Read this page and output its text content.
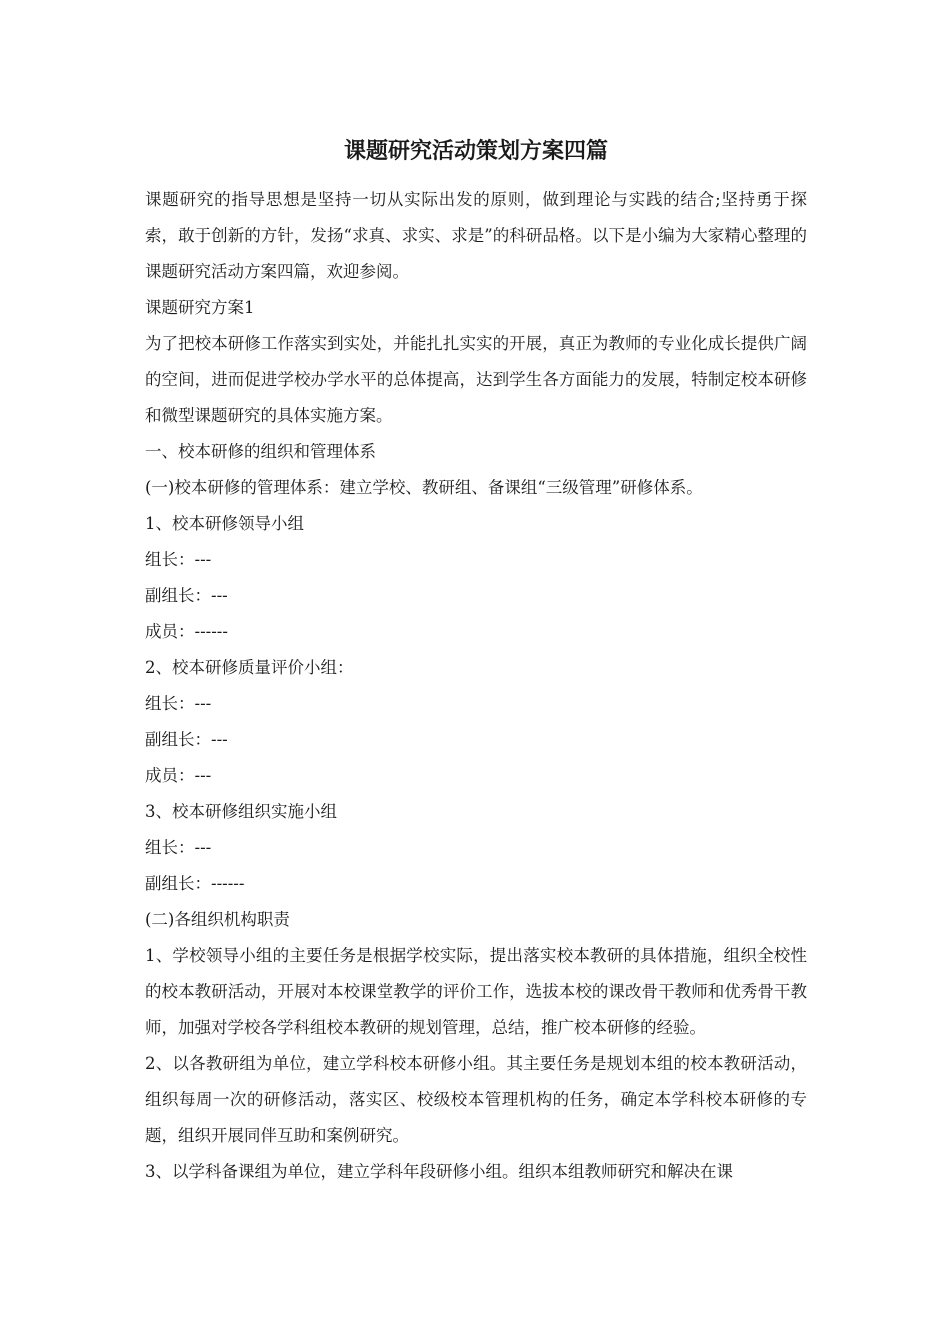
课题研究活动策划方案四篇

课题研究的指导思想是坚持一切从实际出发的原则，做到理论与实践的结合;坚持勇于探索，敢于创新的方针，发扬“求真、求实、求是”的科研品格。以下是小编为大家精心整理的课题研究活动方案四篇，欢迎参阅。

课题研究方案1

为了把校本研修工作落实到实处，并能扎扎实实的开展，真正为教师的专业化成长提供广阔的空间，进而促进学校办学水平的总体提高，达到学生各方面能力的发展，特制定校本研修和微型课题研究的具体实施方案。

一、校本研修的组织和管理体系

(一)校本研修的管理体系：建立学校、教研组、备课组“三级管理”研修体系。

1、校本研修领导小组

组长：---

副组长：---

成员：------

2、校本研修质量评价小组：

组长：---

副组长：---

成员：---

3、校本研修组织实施小组

组长：---

副组长：------

(二)各组织机构职责

1、学校领导小组的主要任务是根据学校实际，提出落实校本教研的具体措施，组织全校性的校本教研活动，开展对本校课堂教学的评价工作，选拔本校的课改骨干教师和优秀骨干教师，加强对学校各学科组校本教研的规划管理，总结，推广校本研修的经验。

2、以各教研组为单位，建立学科校本研修小组。其主要任务是规划本组的校本教研活动，组织每周一次的研修活动，落实区、校级校本管理机构的任务，确定本学科校本研修的专题，组织开展同伴互助和案例研究。

3、以学科备课组为单位，建立学科年段研修小组。组织本组教师研究和解决在课
